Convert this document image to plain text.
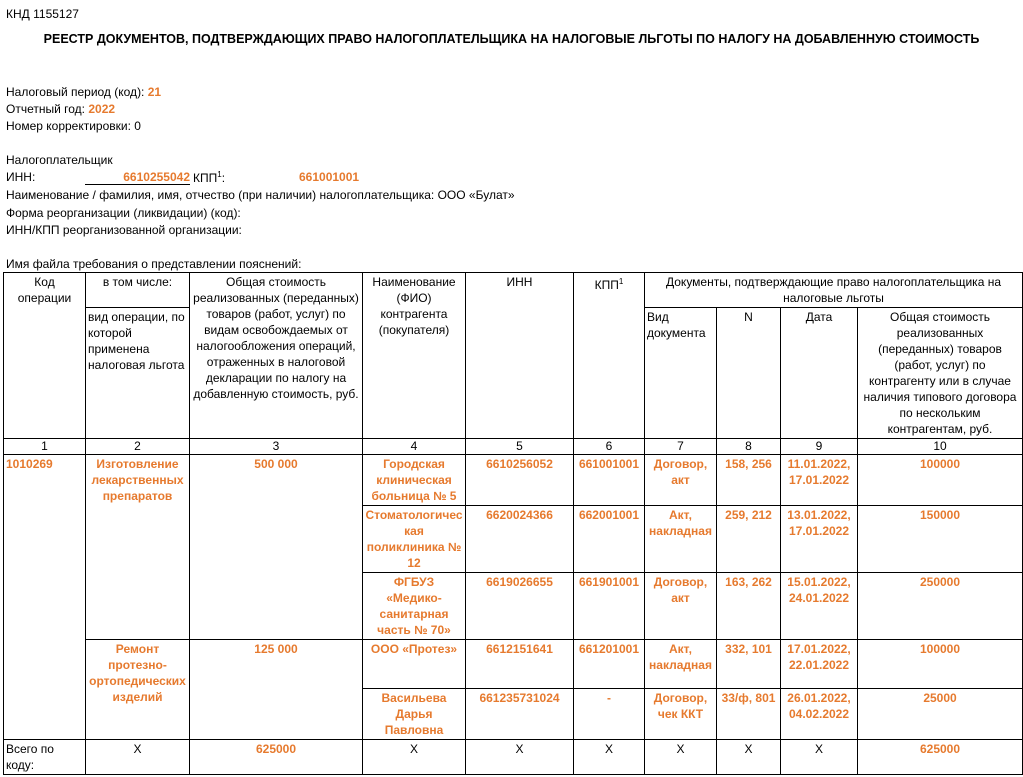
КНД 1155127
РЕЕСТР ДОКУМЕНТОВ, ПОДТВЕРЖДАЮЩИХ ПРАВО НАЛОГОПЛАТЕЛЬЩИКА НА НАЛОГОВЫЕ ЛЬГОТЫ ПО НАЛОГУ НА ДОБАВЛЕННУЮ СТОИМОСТЬ
Налоговый период (код): 21
Отчетный год: 2022
Номер корректировки: 0
Налогоплательщик
ИНН:	6610255042 КПП$^1$:	661001001
Наименование / фамилия, имя, отчество (при наличии) налогоплательщика: ООО «Булат»
Форма реорганизации (ликвидации) (код):
ИНН/КПП реорганизованной организации:
Имя файла требования о представлении пояснений:
Код операции	в том числе:	Общая стоимость реализованных (переданных) товаров (работ, услуг) по видам освобождаемых от налогообложения операций, отраженных в налоговой декларации по налогу на добавленную стоимость, руб.	Наименование (ФИО) контрагента (покупателя)	ИНН	КПП$^1$	Документы, подтверждающие право налогоплательщика на налоговые льготы			
	вид операции, по которой применена налоговая льгота					Вид документа	N	Дата	Общая стоимость реализованных (переданных) товаров (работ, услуг) по контрагенту или в случае наличия типового договора по нескольким контрагентам, руб.
1	2	3	4	5	6	7	8	9	10
1010269	Изготовление лекарственных препаратов	500 000	Городская клиническая больница № 5	6610256052	661001001	Договор, акт	158, 256	11.01.2022, 17.01.2022	100000
			Стоматологическая поликлиника № 12	6620024366	662001001	Акт, накладная	259, 212	13.01.2022, 17.01.2022	150000
			ФГБУЗ «Медико-санитарная часть № 70»	6619026655	661901001	Договор, акт	163, 262	15.01.2022, 24.01.2022	250000
	Ремонт протезно-ортопедических изделий	125 000	ООО «Протез»	6612151641	661201001	Акт, накладная	332, 101	17.01.2022, 22.01.2022	100000
			Васильева Дарья Павловна	661235731024	-	Договор, чек ККТ	33/ф, 801	26.01.2022, 04.02.2022	25000
Всего по коду:	X	625000	X	X	X	X	X	X	625000
